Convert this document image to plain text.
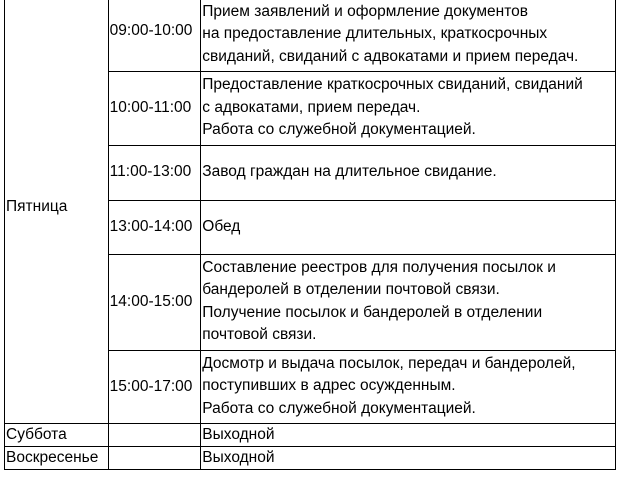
Пятница	09:00-10:00	Прием заявлений и оформление документов
на предоставление длительных, краткосрочных
свиданий, свиданий с адвокатами и прием передач.

	10:00-11:00	Предоставление краткосрочных свиданий, свиданий
с адвокатами, прием передач.
Работа со служебной документацией.

	11:00-13:00	Завод граждан на длительное свидание.

	13:00-14:00	Обед

	14:00-15:00	Составление реестров для получения посылок и
бандеролей в отделении почтовой связи.
Получение посылок и бандеролей в отделении
почтовой связи.

	15:00-17:00	Досмотр и выдача посылок, передач и бандеролей,
поступивших в адрес осужденным.
Работа со служебной документацией.

Суббота		Выходной
Воскресенье		Выходной
